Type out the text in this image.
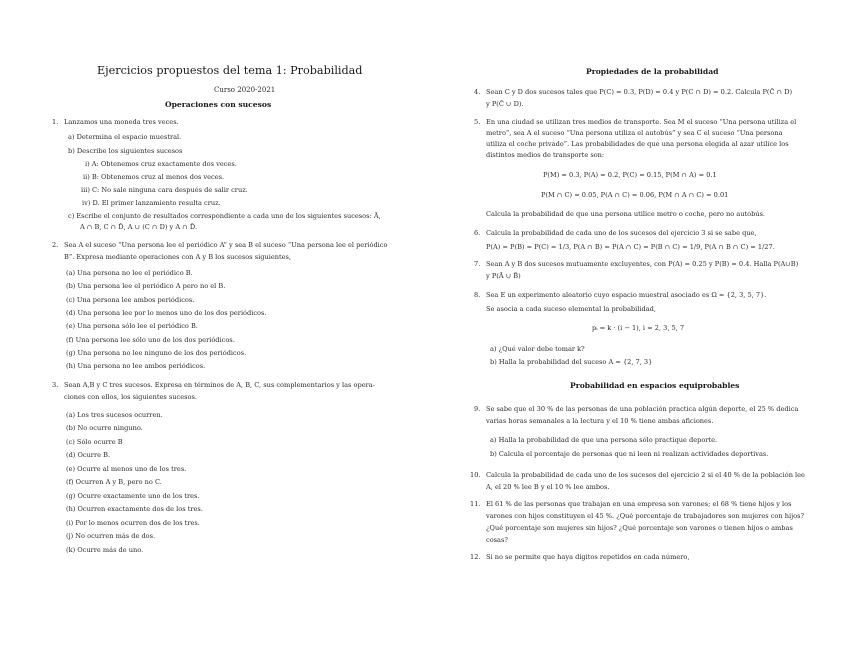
Ejercicios propuestos del tema 1: Probabilidad
Curso 2020-2021
Operaciones con sucesos
1. Lanzamos una moneda tres veces.
a) Determina el espacio muestral.
b) Describe los siguientes sucesos
i) A: Obtenemos cruz exactamente dos veces.
ii) B: Obtenemos cruz al menos dos veces.
iii) C: No sale ninguna cara después de salir cruz.
iv) D. El primer lanzamiento resulta cruz.
c) Escribe el conjunto de resultados correspondiente a cada uno de los siguientes sucesos: Ā,
A ∩ B, C ∩ D̄, A ∪ (C ∩ D) y A ∩ D̄.
2. Sea A el suceso “Una persona lee el periódico A” y sea B el suceso “Una persona lee el periódico
B”. Expresa mediante operaciones con A y B los sucesos siguientes,
(a) Una persona no lee el periódico B.
(b) Una persona lee el periódico A pero no el B.
(c) Una persona lee ambos periódicos.
(d) Una persona lee por lo menos uno de los dos periódicos.
(e) Una persona sólo lee el periódico B.
(f) Una persona lee sólo uno de los dos periódicos.
(g) Una persona no lee ninguno de los dos periódicos.
(h) Una persona no lee ambos periódicos.
3. Sean A,B y C tres sucesos. Expresa en términos de A, B, C, sus complementarios y las opera-
ciones con ellos, los siguientes sucesos.
(a) Los tres sucesos ocurren.
(b) No ocurre ninguno.
(c) Sólo ocurre B
(d) Ocurre B.
(e) Ocurre al menos uno de los tres.
(f) Ocurren A y B, pero no C.
(g) Ocurre exactamente uno de los tres.
(h) Ocurren exactamente dos de los tres.
(i) Por lo menos ocurren dos de los tres.
(j) No ocurren más de dos.
(k) Ocurre más de uno.
Propiedades de la probabilidad
4. Sean C y D dos sucesos tales que P(C) = 0.3, P(D) = 0.4 y P(C ∩ D) = 0.2. Calcula P(C̄ ∩ D)
y P(C̄ ∪ D).
5. En una ciudad se utilizan tres medios de transporte. Sea M el suceso “Una persona utiliza el
metro”, sea A el suceso “Una persona utiliza el autobús” y sea C el suceso “Una persona
utiliza el coche privado”. Las probabilidades de que una persona elegida al azar utilice los
distintos medios de transporte son:
P(M) = 0.3, P(A) = 0.2, P(C) = 0.15, P(M ∩ A) = 0.1
P(M ∩ C) = 0.05, P(A ∩ C) = 0.06, P(M ∩ A ∩ C) = 0.01
Calcula la probabilidad de que una persona utilice metro o coche, pero no autobús.
6. Calcula la probabilidad de cada uno de los sucesos del ejercicio 3 si se sabe que,
P(A) = P(B) = P(C) = 1/3, P(A ∩ B) = P(A ∩ C) = P(B ∩ C) = 1/9, P(A ∩ B ∩ C) = 1/27.
7. Sean A y B dos sucesos mutuamente excluyentes, con P(A) = 0.25 y P(B) = 0.4. Halla P(A∪B)
y P(Ā ∪ B̄)
8. Sea E un experimento aleatorio cuyo espacio muestral asociado es Ω = {2, 3, 5, 7}.
Se asocia a cada suceso elemental la probabilidad,
pᵢ = k · (i − 1), i = 2, 3, 5, 7
a) ¿Qué valor debe tomar k?
b) Halla la probabilidad del suceso A = {2, 7, 3}
Probabilidad en espacios equiprobables
9. Se sabe que el 30 % de las personas de una población practica algún deporte, el 25 % dedica
varias horas semanales a la lectura y el 10 % tiene ambas aficiones.
a) Halla la probabilidad de que una persona sólo practique deporte.
b) Calcula el porcentaje de personas que ni leen ni realizan actividades deportivas.
10. Calcula la probabilidad de cada uno de los sucesos del ejercicio 2 si el 40 % de la población lee
A, el 20 % lee B y el 10 % lee ambos.
11. El 61 % de las personas que trabajan en una empresa son varones; el 68 % tiene hijos y los
varones con hijos constituyen el 45 %. ¿Qué porcentaje de trabajadores son mujeres con hijos?
¿Qué porcentaje son mujeres sin hijos? ¿Qué porcentaje son varones o tienen hijos o ambas
cosas?
12. Si no se permite que haya dígitos repetidos en cada número,
